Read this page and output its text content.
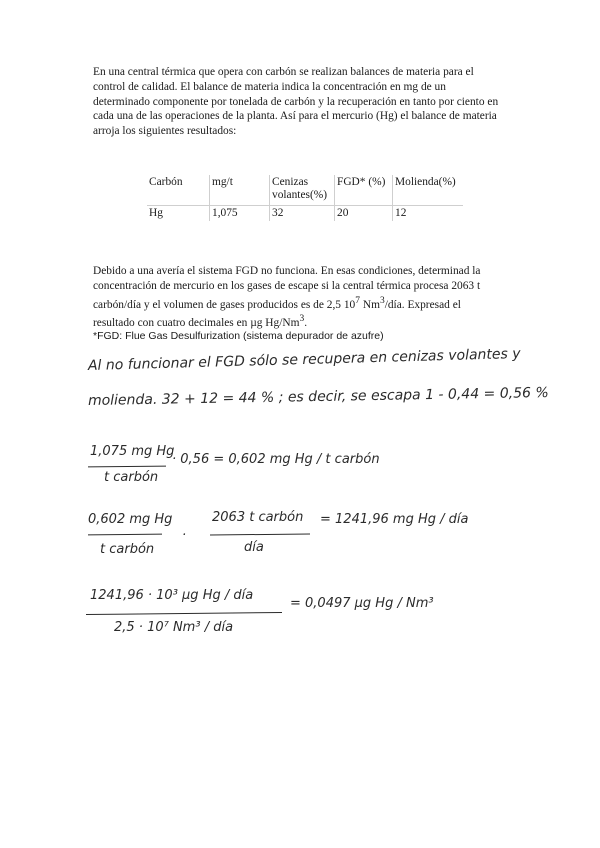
En una central térmica que opera con carbón se realizan balances de materia para el control de calidad. El balance de materia indica la concentración en mg de un determinado componente por tonelada de carbón y la recuperación en tanto por ciento en cada una de las operaciones de la planta. Así para el mercurio (Hg) el balance de materia arroja los siguientes resultados:

Carbón	mg/t	Cenizas volantes(%)	FGD* (%)	Molienda(%)
Hg	1,075	32	20	12

Debido a una avería el sistema FGD no funciona. En esas condiciones, determinad la concentración de mercurio en los gases de escape si la central térmica procesa 2063 t carbón/día y el volumen de gases producidos es de 2,5 $10^7$ Nm$^3$/día. Expresad el resultado con cuatro decimales en µg Hg/Nm$^3$.

*FGD: Flue Gas Desulfurization (sistema depurador de azufre)

Al no funcionar el FGD sólo se recupera en cenizas volantes y
molienda. 32 + 12 = 44 % ; es decir, se escapa 1 - 0,44 = 0,56 %
1,075 mg Hg
t carbón
· 0,56 = 0,602 mg Hg / t carbón
0,602 mg Hg
t carbón
·
2063 t carbón
día
= 1241,96 mg Hg / día
1241,96 · 10³ µg Hg / día
2,5 · 10⁷ Nm³ / día
= 0,0497 µg Hg / Nm³
